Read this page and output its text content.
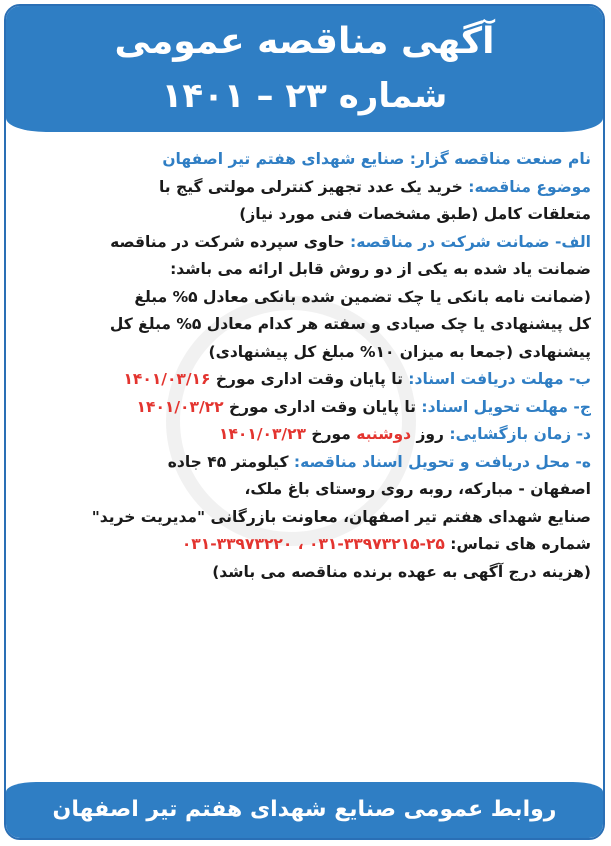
آگهی مناقصه عمومی
شماره ۲۳ – ۱۴۰۱
نام صنعت مناقصه گزار: صنایع شهدای هفتم تیر اصفهان
موضوع مناقصه: خرید یک عدد تجهیز کنترلی مولتی گیج با
متعلقات کامل (طبق مشخصات فنی مورد نیاز)
الف- ضمانت شرکت در مناقصه: حاوی سپرده شرکت در مناقصه
ضمانت یاد شده به یکی از دو روش قابل ارائه می باشد:
(ضمانت نامه بانکی یا چک تضمین شده بانکی معادل ۵% مبلغ
کل پیشنهادی یا چک صیادی و سفته هر کدام معادل ۵% مبلغ کل
پیشنهادی (جمعا به میزان ۱۰% مبلغ کل پیشنهادی)
ب- مهلت دریافت اسناد: تا پایان وقت اداری مورخ ۱۴۰۱/۰۳/۱۶
ج- مهلت تحویل اسناد: تا پایان وقت اداری مورخ ۱۴۰۱/۰۳/۲۲
د- زمان بازگشایی: روز دوشنبه مورخ ۱۴۰۱/۰۳/۲۳
ه- محل دریافت و تحویل اسناد مناقصه: کیلومتر ۴۵ جاده
اصفهان - مبارکه، روبه روی روستای باغ ملک،
صنایع شهدای هفتم تیر اصفهان، معاونت بازرگانی "مدیریت خرید"
شماره های تماس: ۲۵-۳۳۹۷۳۲۱۵-۰۳۱ ، ۳۳۹۷۳۲۲۰-۰۳۱
(هزینه درج آگهی به عهده برنده مناقصه می باشد)
روابط عمومی صنایع شهدای هفتم تیر اصفهان
